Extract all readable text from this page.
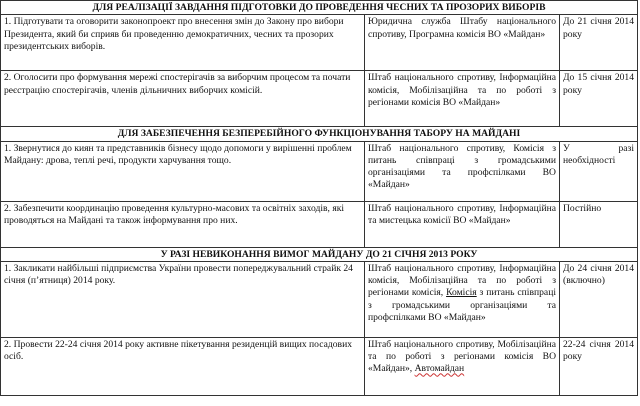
ДЛЯ РЕАЛІЗАЦІЇ ЗАВДАННЯ ПІДГОТОВКИ ДО ПРОВЕДЕННЯ ЧЕСНИХ ТА ПРОЗОРИХ ВИБОРІВ		
1. Підготувати та оговорити законопроект про внесення змін до Закону про вибори Президента, який би сприяв би проведенню демократичних, чесних та прозорих президентських виборів.	Юридична служба Штабу національного спротиву, Програмна комісія ВО «Майдан»	До 21 січня 2014 року
2. Оголосити про формування мережі спостерігачів за виборчим процесом та почати реєстрацію спостерігачів, членів дільничних виборчих комісій.	Штаб національного спротиву, Інформаційна комісія, Мобілізаційна та по роботі з регіонами комісія ВО «Майдан»	До 15 січня 2014 року
ДЛЯ ЗАБЕЗПЕЧЕННЯ БЕЗПЕРЕБІЙНОГО ФУНКЦІОНУВАННЯ ТАБОРУ НА МАЙДАНІ		
1. Звернутися до киян та представників бізнесу щодо допомоги у вирішенні проблем Майдану: дрова, теплі речі, продукти харчування тощо.	Штаб національного спротиву, Комісія з питань співпраці з громадськими організаціями та профспілками ВО «Майдан»	У разі необхідності
2. Забезпечити координацію проведення культурно-масових та освітніх заходів, які проводяться на Майдані та також інформування про них.	Штаб національного спротиву, Інформаційна та мистецька комісії ВО «Майдан»	Постійно
У РАЗІ НЕВИКОНАННЯ ВИМОГ МАЙДАНУ ДО 21 СІЧНЯ 2013 РОКУ		
1. Закликати найбільші підприємства України провести попереджувальний страйк 24 січня (п’ятниця) 2014 року.	Штаб національного спротиву, Інформаційна комісія, Мобілізаційна та по роботі з регіонами комісія, Комісія з питань співпраці з громадськими організаціями та профспілками ВО «Майдан»	До 24 січня 2014 (включно)
2. Провести 22-24 січня 2014 року активне пікетування резиденцій вищих посадових осіб.	Штаб національного спротиву, Мобілізаційна та по роботі з регіонами комісія ВО «Майдан», Автомайдан	22-24 січня 2014 року
